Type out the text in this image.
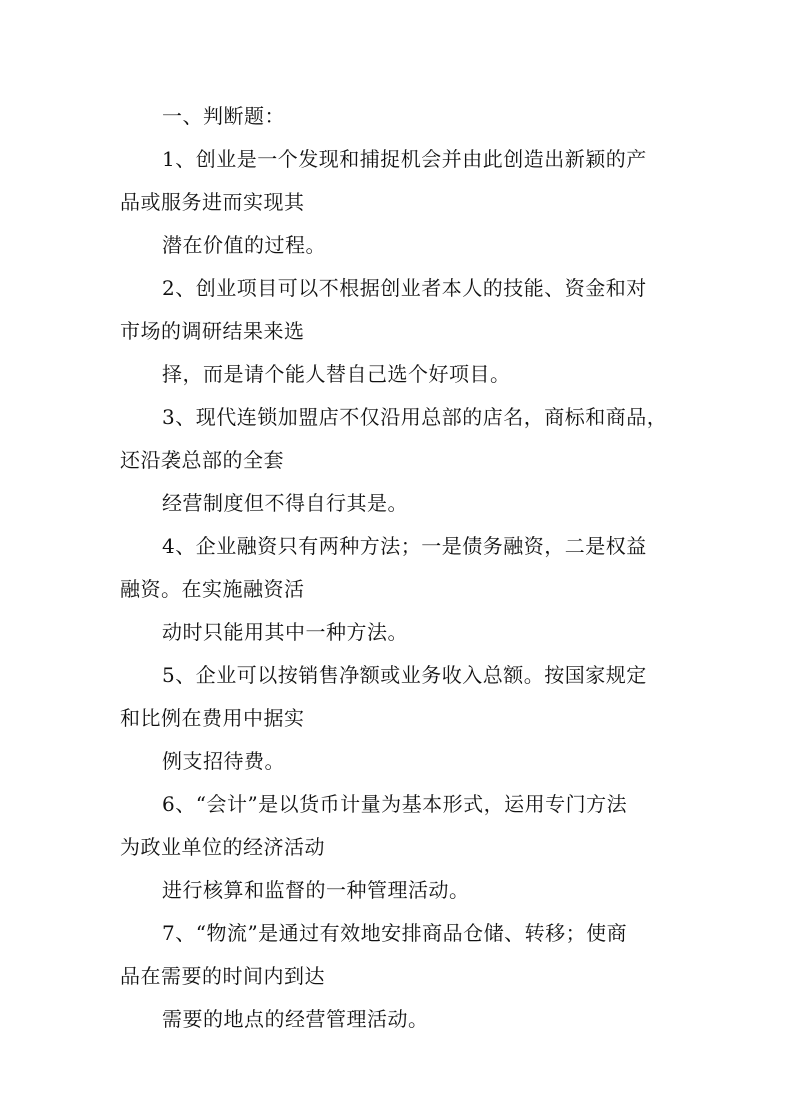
一、判断题：
1、创业是一个发现和捕捉机会并由此创造出新颖的产
品或服务进而实现其
潜在价值的过程。
2、创业项目可以不根据创业者本人的技能、资金和对
市场的调研结果来选
择，而是请个能人替自己选个好项目。
3、现代连锁加盟店不仅沿用总部的店名，商标和商品，
还沿袭总部的全套
经营制度但不得自行其是。
4、企业融资只有两种方法；一是债务融资，二是权益
融资。在实施融资活
动时只能用其中一种方法。
5、企业可以按销售净额或业务收入总额。按国家规定
和比例在费用中据实
例支招待费。
6、“会计”是以货币计量为基本形式，运用专门方法
为政业单位的经济活动
进行核算和监督的一种管理活动。
7、“物流”是通过有效地安排商品仓储、转移；使商
品在需要的时间内到达
需要的地点的经营管理活动。
